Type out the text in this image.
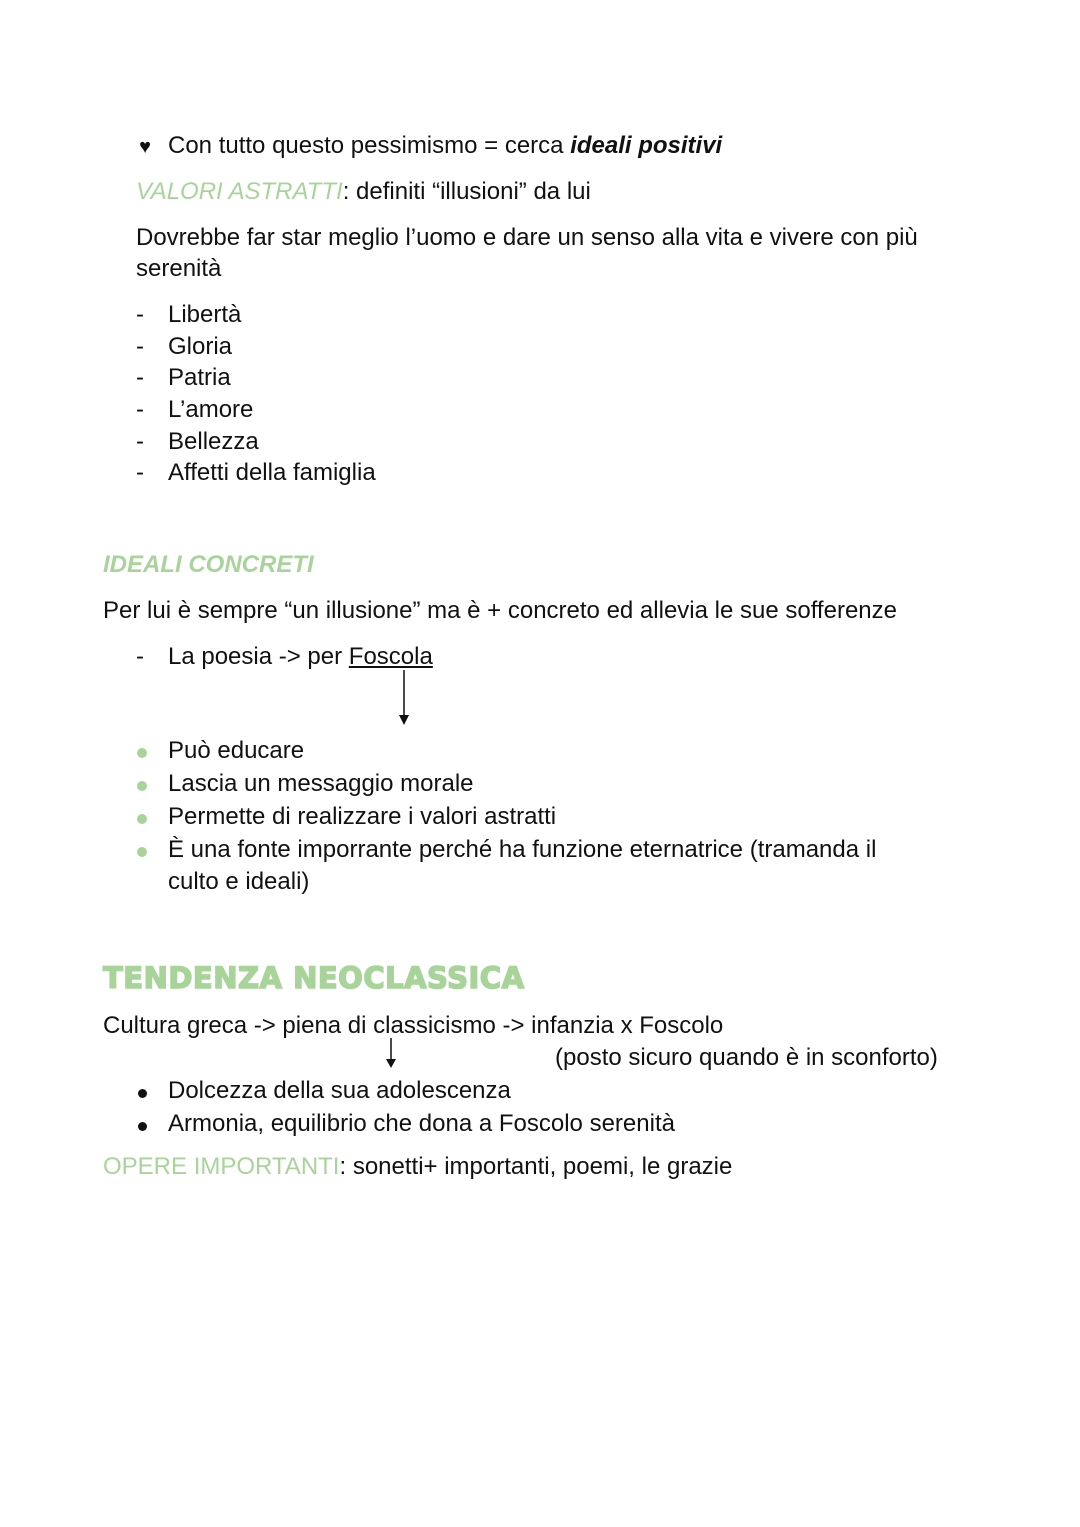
♥ Con tutto questo pessimismo = cerca ideali positivi
VALORI ASTRATTI: definiti “illusioni” da lui
Dovrebbe far star meglio l’uomo e dare un senso alla vita e vivere con più
serenità
-	Libertà
-	Gloria
-	Patria
-	L’amore
-	Bellezza
-	Affetti della famiglia
IDEALI CONCRETI
Per lui è sempre “un illusione” ma è + concreto ed allevia le sue sofferenze
-	La poesia -> per Foscola
Può educare
Lascia un messaggio morale
Permette di realizzare i valori astratti
È una fonte imporrante perché ha funzione eternatrice (tramanda il
culto e ideali)
TENDENZA NEOCLASSICA
Cultura greca -> piena di classicismo -> infanzia x Foscolo
(posto sicuro quando è in sconforto)
Dolcezza della sua adolescenza
Armonia, equilibrio che dona a Foscolo serenità
OPERE IMPORTANTI: sonetti+ importanti, poemi, le grazie
